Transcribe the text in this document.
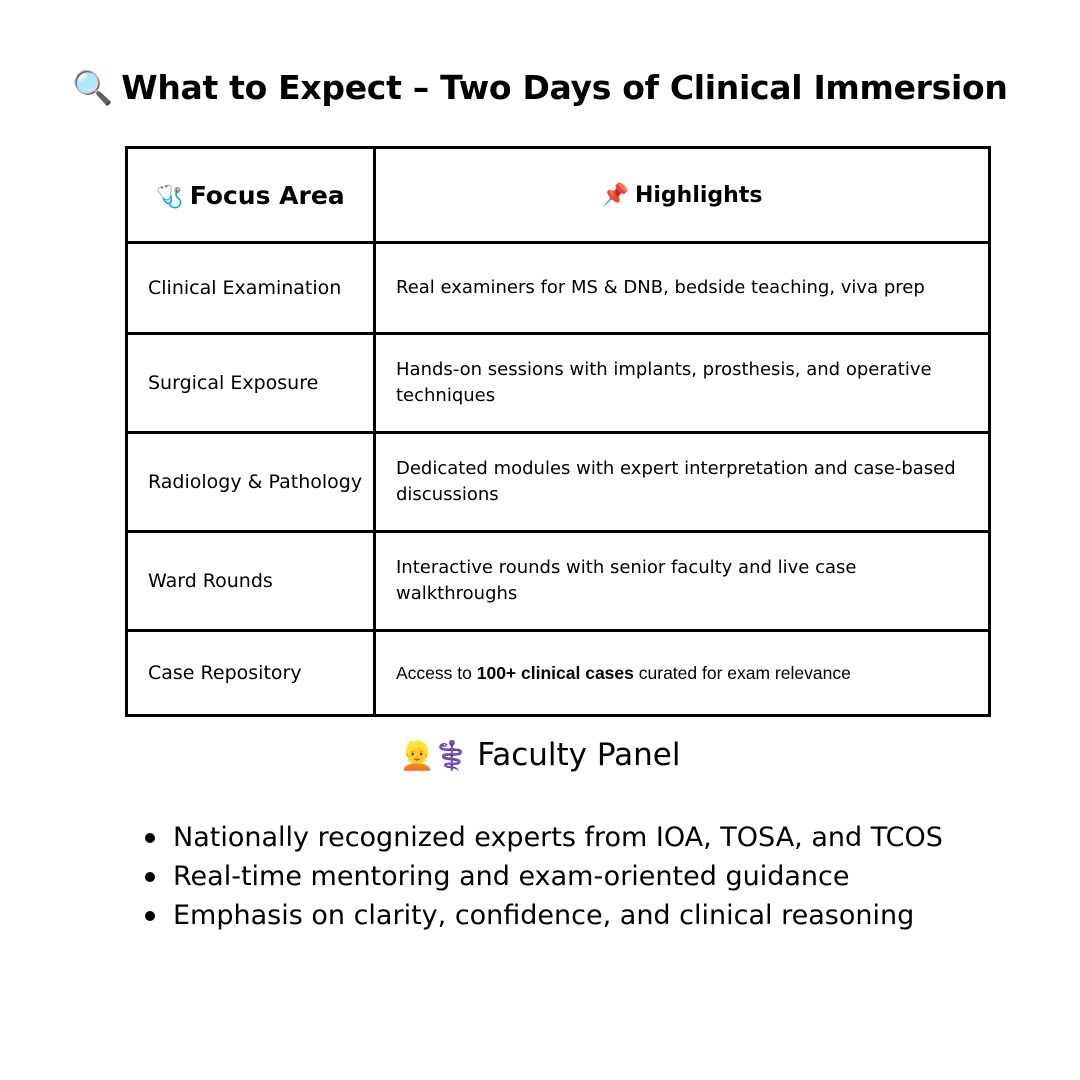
🔍 What to Expect – Two Days of Clinical Immersion
🩺 Focus Area	📌 Highlights
Clinical Examination	Real examiners for MS & DNB, bedside teaching, viva prep
Surgical Exposure	Hands-on sessions with implants, prosthesis, and operative techniques
Radiology & Pathology	Dedicated modules with expert interpretation and case-based discussions
Ward Rounds	Interactive rounds with senior faculty and live case walkthroughs
Case Repository	Access to 100+ clinical cases curated for exam relevance
👱⚕️ Faculty Panel
Nationally recognized experts from IOA, TOSA, and TCOS
Real-time mentoring and exam-oriented guidance
Emphasis on clarity, confidence, and clinical reasoning
